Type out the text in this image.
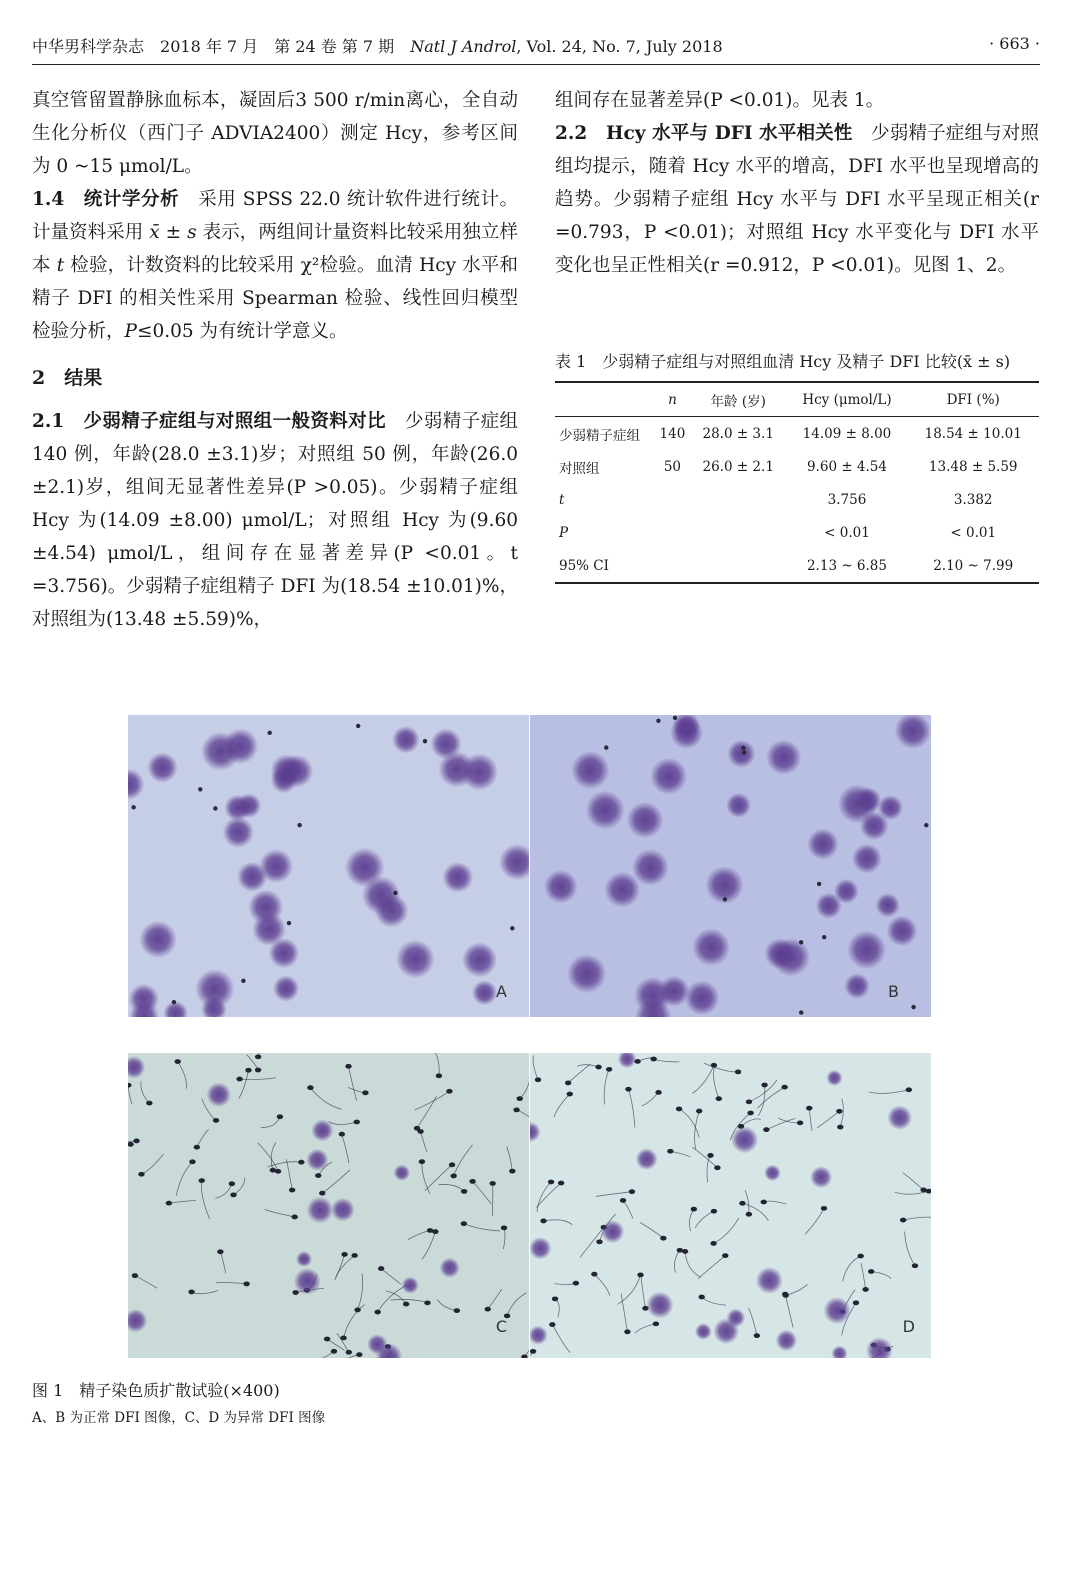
中华男科学杂志　 2018 年 7 月　第 24 卷 第 7 期　 Natl J Androl, Vol. 24, No. 7, July 2018	· 663 ·

真空管留置静脉血标本，凝固后3 500 r/min离心，全自动生化分析仪（西门子 ADVIA2400）测定 Hcy，参考区间为 0 ~15 μmol/L。

1.4　统计学分析　采用 SPSS 22.0 统计软件进行统计。计量资料采用 x̄ ± s 表示，两组间计量资料比较采用独立样本 t 检验，计数资料的比较采用 χ²检验。血清 Hcy 水平和精子 DFI 的相关性采用 Spearman 检验、线性回归模型检验分析，P≤0.05 为有统计学意义。

2　结果

2.1　少弱精子症组与对照组一般资料对比　少弱精子症组 140 例，年龄(28.0 ±3.1)岁；对照组 50 例，年龄(26.0 ±2.1)岁，组间无显著性差异(P >0.05)。少弱精子症组 Hcy 为(14.09 ±8.00) μmol/L；对照组 Hcy 为(9.60 ±4.54) μmol/L，组间存在显著差异(P <0.01。t =3.756)。少弱精子症组精子 DFI 为(18.54 ±10.01)%，对照组为(13.48 ±5.59)%，

组间存在显著差异(P <0.01)。见表 1。

2.2　Hcy 水平与 DFI 水平相关性　少弱精子症组与对照组均提示，随着 Hcy 水平的增高，DFI 水平也呈现增高的趋势。少弱精子症组 Hcy 水平与 DFI 水平呈现正相关(r =0.793，P <0.01)；对照组 Hcy 水平变化与 DFI 水平变化也呈正性相关(r =0.912，P <0.01)。见图 1、2。

表 1　少弱精子症组与对照组血清 Hcy 及精子 DFI 比较(x̄ ± s)
	n	年龄 (岁)	Hcy (μmol/L)	DFI (%)
少弱精子症组	140	28.0 ± 3.1	14.09 ± 8.00	18.54 ± 10.01
对照组	50	26.0 ± 2.1	9.60 ± 4.54	13.48 ± 5.59
t			3.756	3.382
P			< 0.01	< 0.01
95% CI			2.13 ~ 6.85	2.10 ~ 7.99
A	B
C	D
图 1　精子染色质扩散试验(×400)
A、B 为正常 DFI 图像，C、D 为异常 DFI 图像
